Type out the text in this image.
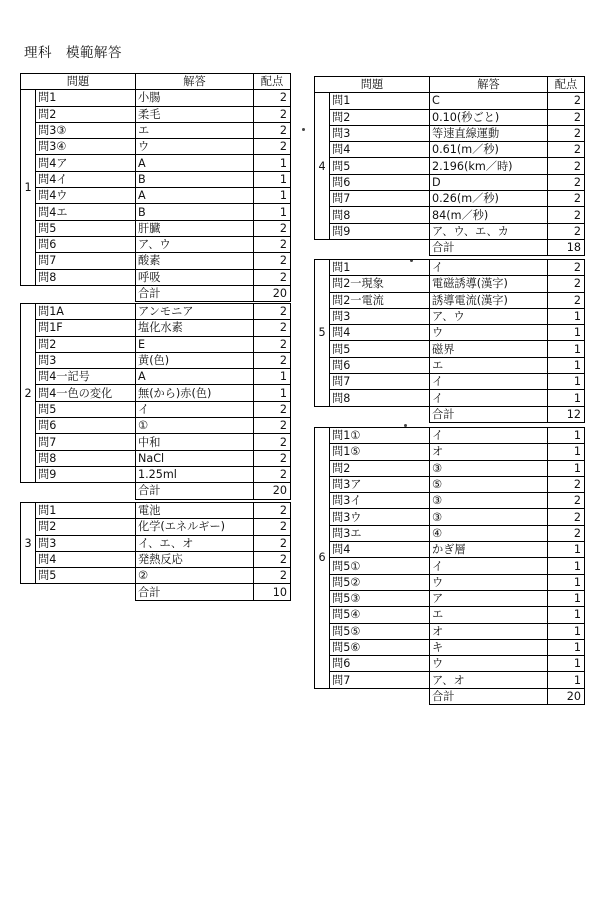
理科　模範解答
問題		解答	配点
1	問1	小腸	2
	問2	柔毛	2
	問3③	エ	2
	問3④	ウ	2
	問4ア	A	1
	問4イ	B	1
	問4ウ	A	1
	問4エ	B	1
	問5	肝臓	2
	問6	ア、ウ	2
	問7	酸素	2
	問8	呼吸	2
		合計	20
2	問1A	アンモニア	2
	問1F	塩化水素	2
	問2	E	2
	問3	黄(色)	2
	問4一記号	A	1
	問4一色の変化	無(から)赤(色)	1
	問5	イ	2
	問6	①	2
	問7	中和	2
	問8	NaCl	2
	問9	1.25ml	2
		合計	20
3	問1	電池	2
	問2	化学(エネルギー)	2
	問3	イ、エ、オ	2
	問4	発熱反応	2
	問5	②	2
		合計	10
問題		解答	配点
4	問1	C	2
	問2	0.10(秒ごと)	2
	問3	等速直線運動	2
	問4	0.61(m／秒)	2
	問5	2.196(km／時)	2
	問6	D	2
	問7	0.26(m／秒)	2
	問8	84(m／秒)	2
	問9	ア、ウ、エ、カ	2
		合計	18
5	問1	イ	2
	問2一現象	電磁誘導(漢字)	2
	問2一電流	誘導電流(漢字)	2
	問3	ア、ウ	1
	問4	ウ	1
	問5	磁界	1
	問6	エ	1
	問7	イ	1
	問8	イ	1
		合計	12
6	問1①	イ	1
	問1⑤	オ	1
	問2	③	1
	問3ア	⑤	2
	問3イ	③	2
	問3ウ	③	2
	問3エ	④	2
	問4	かぎ層	1
	問5①	イ	1
	問5②	ウ	1
	問5③	ア	1
	問5④	エ	1
	問5⑤	オ	1
	問5⑥	キ	1
	問6	ウ	1
	問7	ア、オ	1
		合計	20
